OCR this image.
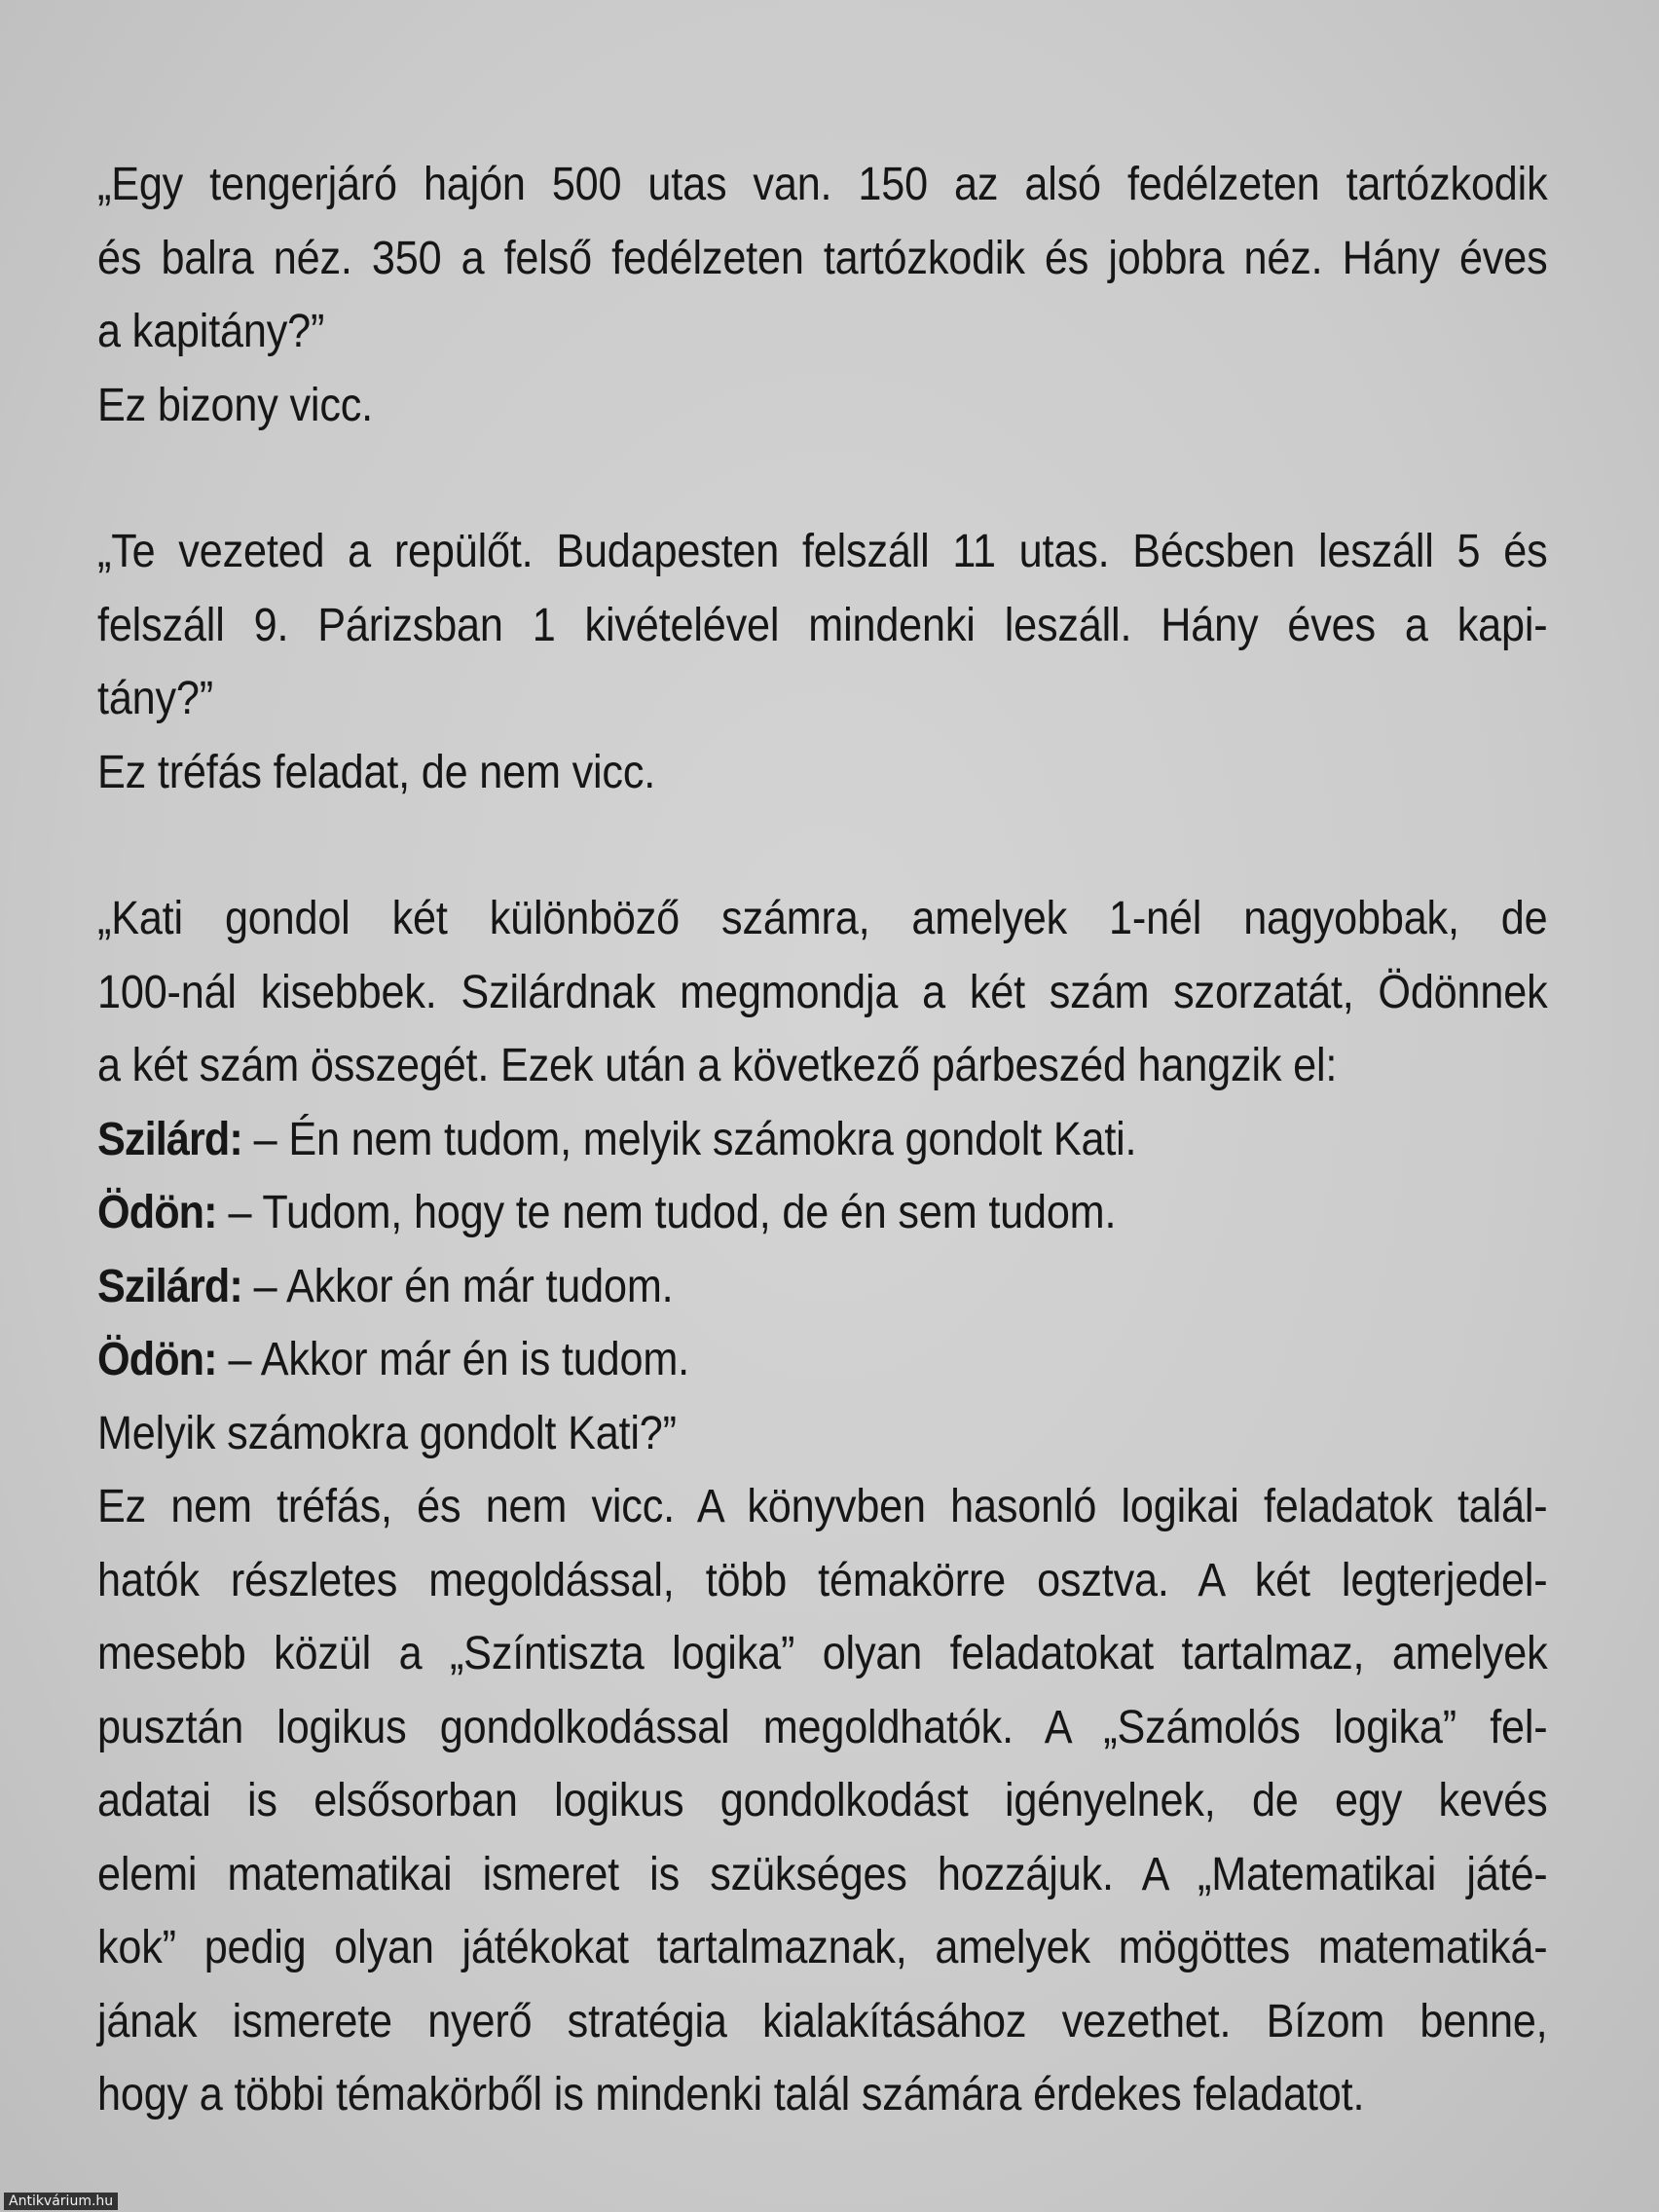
„Egy tengerjáró hajón 500 utas van. 150 az alsó fedélzeten tartózkodik
és balra néz. 350 a felső fedélzeten tartózkodik és jobbra néz. Hány éves
a kapitány?”
Ez bizony vicc.
„Te vezeted a repülőt. Budapesten felszáll 11 utas. Bécsben leszáll 5 és
felszáll 9. Párizsban 1 kivételével mindenki leszáll. Hány éves a kapi-
tány?”
Ez tréfás feladat, de nem vicc.
„Kati gondol két különböző számra, amelyek 1-nél nagyobbak, de
100-nál kisebbek. Szilárdnak megmondja a két szám szorzatát, Ödönnek
a két szám összegét. Ezek után a következő párbeszéd hangzik el:
Szilárd: – Én nem tudom, melyik számokra gondolt Kati.
Ödön: – Tudom, hogy te nem tudod, de én sem tudom.
Szilárd: – Akkor én már tudom.
Ödön: – Akkor már én is tudom.
Melyik számokra gondolt Kati?”
Ez nem tréfás, és nem vicc. A könyvben hasonló logikai feladatok talál-
hatók részletes megoldással, több témakörre osztva. A két legterjedel-
mesebb közül a „Színtiszta logika” olyan feladatokat tartalmaz, amelyek
pusztán logikus gondolkodással megoldhatók. A „Számolós logika” fel-
adatai is elsősorban logikus gondolkodást igényelnek, de egy kevés
elemi matematikai ismeret is szükséges hozzájuk. A „Matematikai játé-
kok” pedig olyan játékokat tartalmaznak, amelyek mögöttes matematiká-
jának ismerete nyerő stratégia kialakításához vezethet. Bízom benne,
hogy a többi témakörből is mindenki talál számára érdekes feladatot.
Antikvárium.hu
